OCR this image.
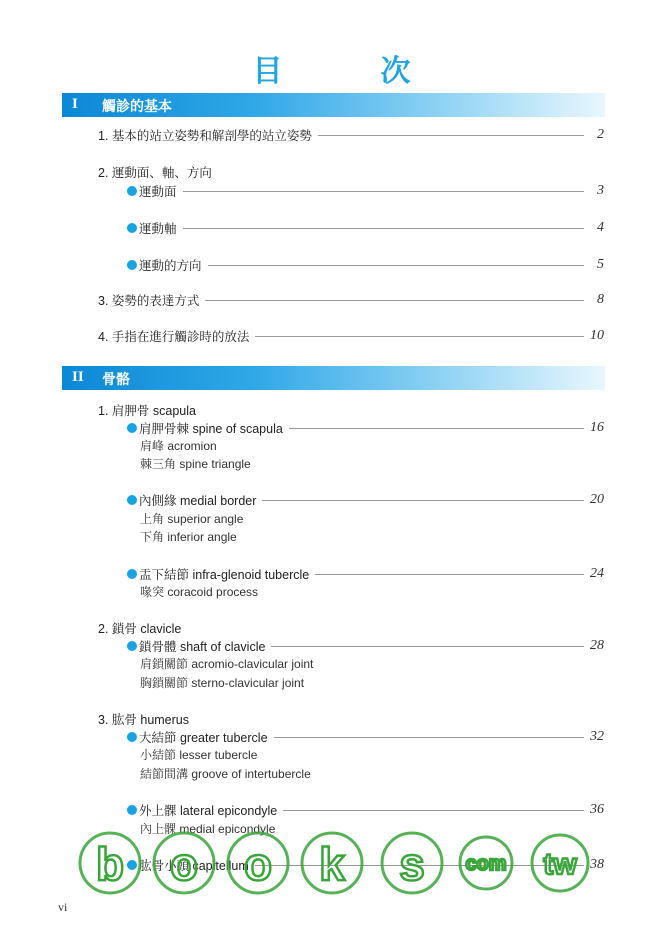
目　次
I 觸診的基本
1. 基本的站立姿勢和解剖學的站立姿勢	2
2. 運動面、軸、方向
運動面	3
運動軸	4
運動的方向	5
3. 姿勢的表達方式	8
4. 手指在進行觸診時的放法	10
II 骨骼
1. 肩胛骨 scapula
肩胛骨棘 spine of scapula	16
肩峰 acromion
棘三角 spine triangle
內側緣 medial border	20
上角 superior angle
下角 inferior angle
盂下結節 infra-glenoid tubercle	24
喙突 coracoid process
2. 鎖骨 clavicle
鎖骨體 shaft of clavicle	28
肩鎖關節 acromio-clavicular joint
胸鎖關節 sterno-clavicular joint
3. 肱骨 humerus
大結節 greater tubercle	32
小結節 lesser tubercle
結節間溝 groove of intertubercle
外上髁 lateral epicondyle	36
內上髁 medial epicondyle
肱骨小頭 capitellum	38
b o o k s com tw
vi
